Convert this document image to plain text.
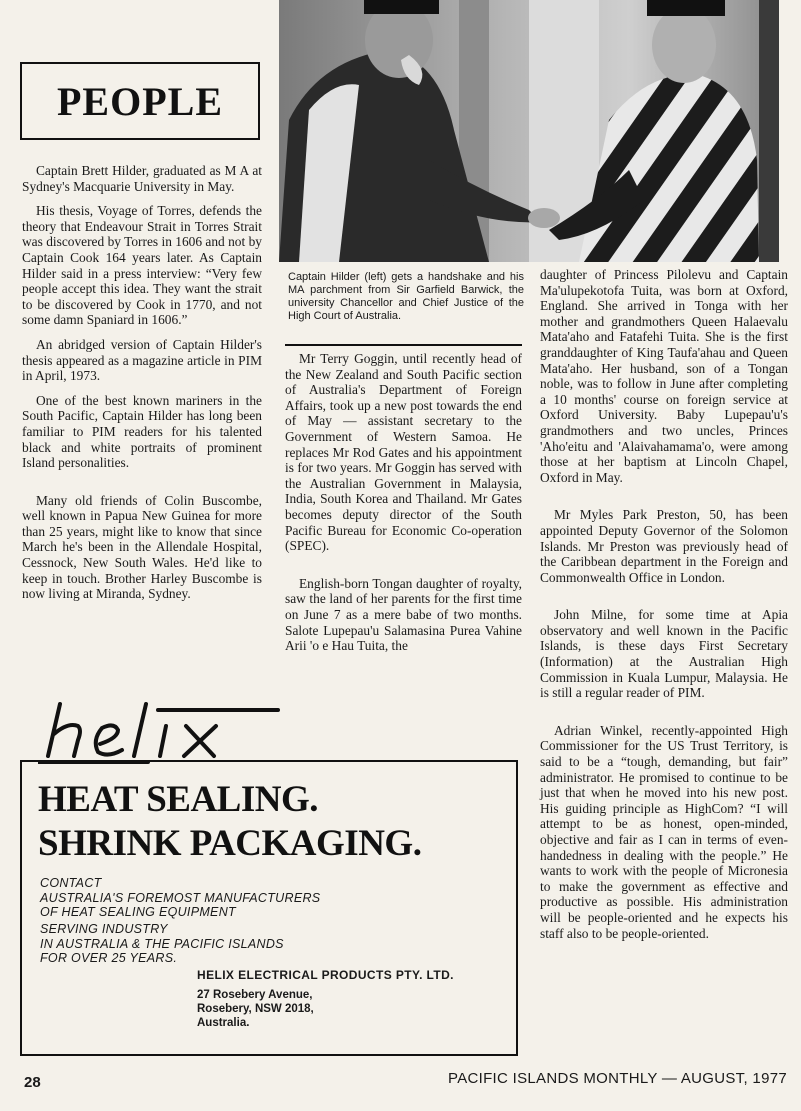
PEOPLE

Captain Brett Hilder, graduated as M A at Sydney's Macquarie University in May.

His thesis, Voyage of Torres, defends the theory that Endeavour Strait in Torres Strait was discovered by Torres in 1606 and not by Captain Cook 164 years later. As Captain Hilder said in a press interview: “Very few people accept this idea. They want the strait to be discovered by Cook in 1770, and not some damn Spaniard in 1606.”

An abridged version of Captain Hilder's thesis appeared as a magazine article in PIM in April, 1973.

One of the best known mariners in the South Pacific, Captain Hilder has long been familiar to PIM readers for his talented black and white portraits of prominent Island personalities.

Many old friends of Colin Buscombe, well known in Papua New Guinea for more than 25 years, might like to know that since March he's been in the Allendale Hospital, Cessnock, New South Wales. He'd like to keep in touch. Brother Harley Buscombe is now living at Miranda, Sydney.

Captain Hilder (left) gets a handshake and his MA parchment from Sir Garfield Barwick, the university Chancellor and Chief Justice of the High Court of Australia.

Mr Terry Goggin, until recently head of the New Zealand and South Pacific section of Australia's Department of Foreign Affairs, took up a new post towards the end of May — assistant secretary to the Government of Western Samoa. He replaces Mr Rod Gates and his appointment is for two years. Mr Goggin has served with the Australian Government in Malaysia, India, South Korea and Thailand. Mr Gates becomes deputy director of the South Pacific Bureau for Economic Co-operation (SPEC).

English-born Tongan daughter of royalty, saw the land of her parents for the first time on June 7 as a mere babe of two months. Salote Lupepau'u Salamasina Purea Vahine Arii 'o e Hau Tuita, the

daughter of Princess Pilolevu and Captain Ma'ulupekotofa Tuita, was born at Oxford, England. She arrived in Tonga with her mother and grandmothers Queen Halaevalu Mata'aho and Fatafehi Tuita. She is the first granddaughter of King Taufa'ahau and Queen Mata'aho. Her husband, son of a Tongan noble, was to follow in June after completing a 10 months' course on foreign service at Oxford University. Baby Lupepau'u's grandmothers and two uncles, Princes 'Aho'eitu and 'Alaivahamama'o, were among those at her baptism at Lincoln Chapel, Oxford in May.

Mr Myles Park Preston, 50, has been appointed Deputy Governor of the Solomon Islands. Mr Preston was previously head of the Caribbean department in the Foreign and Commonwealth Office in London.

John Milne, for some time at Apia observatory and well known in the Pacific Islands, is these days First Secretary (Information) at the Australian High Commission in Kuala Lumpur, Malaysia. He is still a regular reader of PIM.

Adrian Winkel, recently-appointed High Commissioner for the US Trust Territory, is said to be a “tough, demanding, but fair” administrator. He promised to continue to be just that when he moved into his new post. His guiding principle as HighCom? “I will attempt to be as honest, open-minded, objective and fair as I can in terms of even-handedness in dealing with the people.” He wants to work with the people of Micronesia to make the government as effective and productive as possible. His administration will be people-oriented and he expects his staff also to be people-oriented.

HEAT SEALING.
SHRINK PACKAGING.
CONTACT
AUSTRALIA'S FOREMOST MANUFACTURERS
OF HEAT SEALING EQUIPMENT
SERVING INDUSTRY
IN AUSTRALIA & THE PACIFIC ISLANDS
FOR OVER 25 YEARS.
HELIX ELECTRICAL PRODUCTS PTY. LTD.
27 Rosebery Avenue,
Rosebery, NSW 2018,
Australia.
28	PACIFIC ISLANDS MONTHLY — AUGUST, 1977
